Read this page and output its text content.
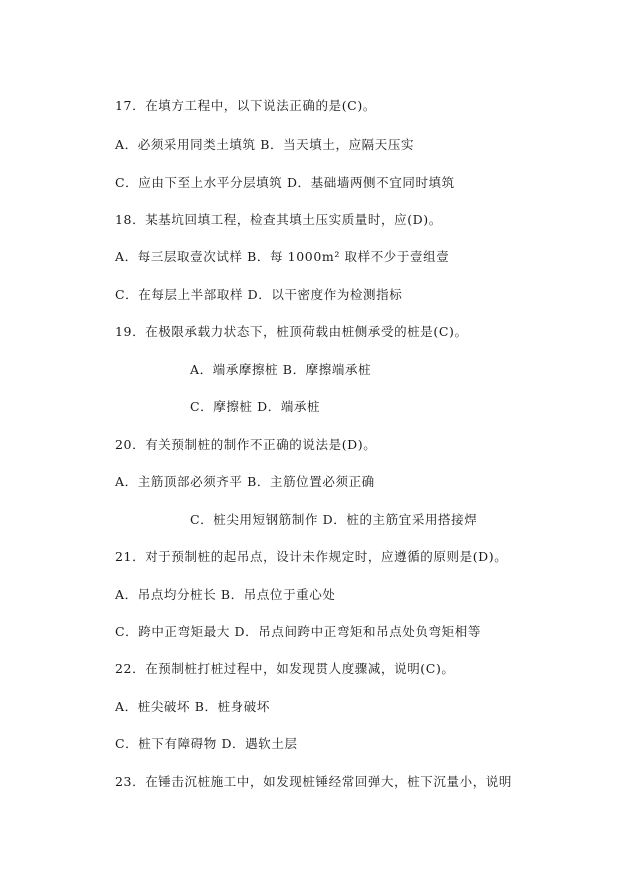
17．在填方工程中，以下说法正确的是(C)。
A．必须采用同类土填筑 B．当天填土，应隔天压实
C．应由下至上水平分层填筑 D．基础墙两侧不宜同时填筑
18．某基坑回填工程，检查其填土压实质量时，应(D)。
A．每三层取壹次试样 B．每 1000m² 取样不少于壹组壹
C．在每层上半部取样 D．以干密度作为检测指标
19．在极限承载力状态下，桩顶荷载由桩侧承受的桩是(C)。
A．端承摩擦桩 B．摩擦端承桩
C．摩擦桩 D．端承桩
20．有关预制桩的制作不正确的说法是(D)。
A．主筋顶部必须齐平 B．主筋位置必须正确
C．桩尖用短钢筋制作 D．桩的主筋宜采用搭接焊
21．对于预制桩的起吊点，设计未作规定时，应遵循的原则是(D)。
A．吊点均分桩长 B．吊点位于重心处
C．跨中正弯矩最大 D．吊点间跨中正弯矩和吊点处负弯矩相等
22．在预制桩打桩过程中，如发现贯人度骤减，说明(C)。
A．桩尖破坏 B．桩身破坏
C．桩下有障碍物 D．遇软土层
23．在锤击沉桩施工中，如发现桩锤经常回弹大，桩下沉量小，说明
